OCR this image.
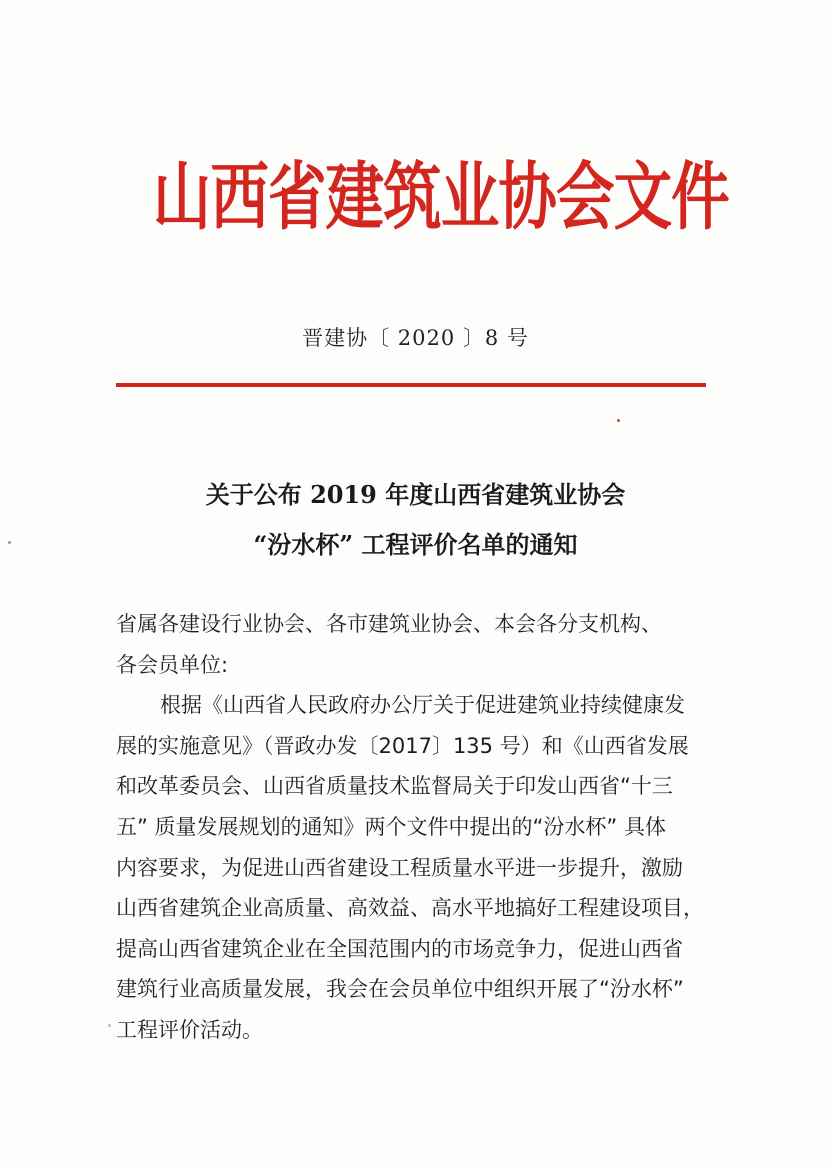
山西省建筑业协会文件
晋建协〔 2020 〕8 号
关于公布 2019 年度山西省建筑业协会
“汾水杯” 工程评价名单的通知
省属各建设行业协会、各市建筑业协会、本会各分支机构、
各会员单位:
根据《山西省人民政府办公厅关于促进建筑业持续健康发
展的实施意见》（晋政办发〔2017〕135 号）和《山西省发展
和改革委员会、山西省质量技术监督局关于印发山西省“十三
五” 质量发展规划的通知》两个文件中提出的“汾水杯” 具体
内容要求，为促进山西省建设工程质量水平进一步提升，激励
山西省建筑企业高质量、高效益、高水平地搞好工程建设项目，
提高山西省建筑企业在全国范围内的市场竞争力，促进山西省
建筑行业高质量发展，我会在会员单位中组织开展了“汾水杯”
工程评价活动。
